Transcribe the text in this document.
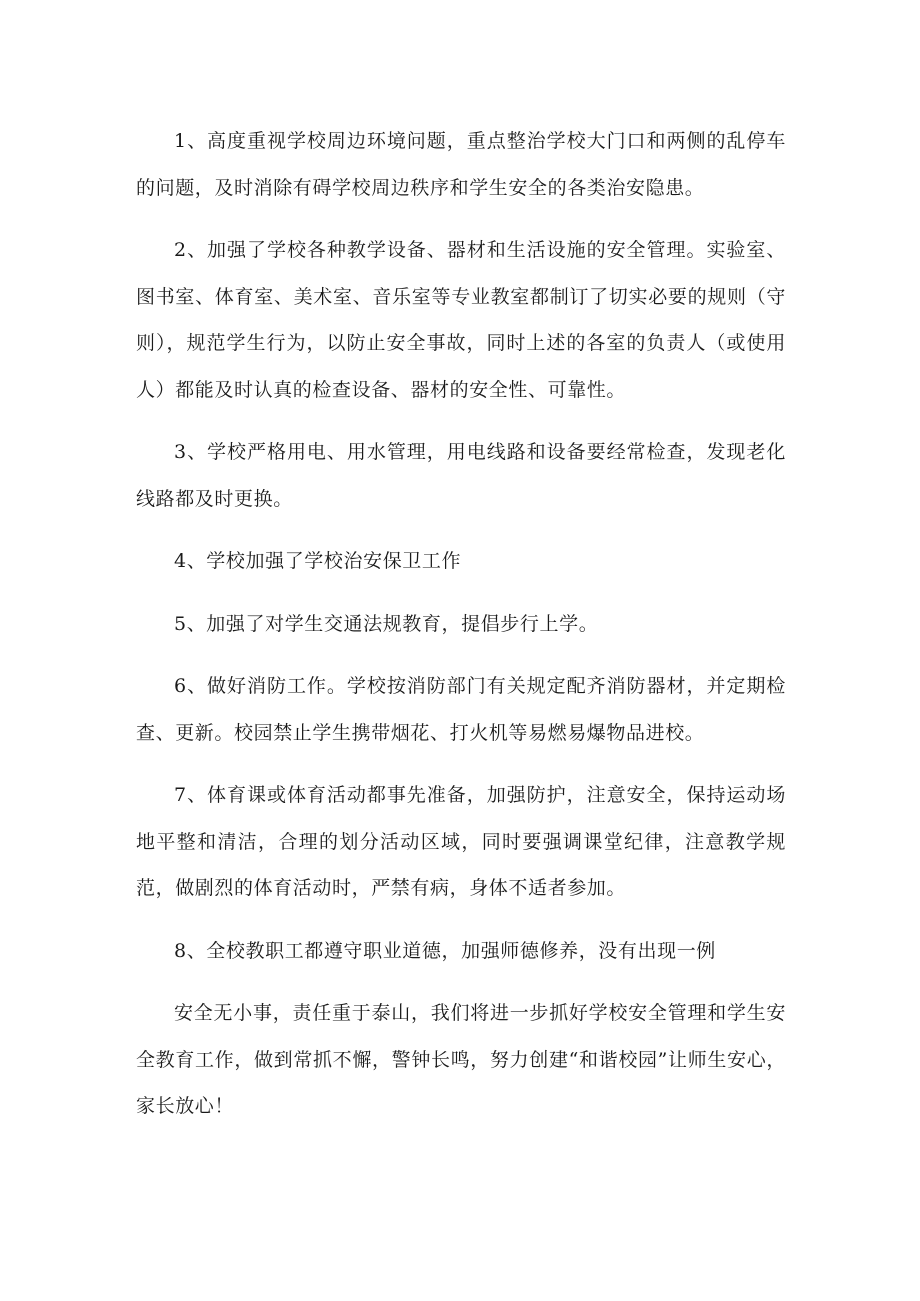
1、高度重视学校周边环境问题，重点整治学校大门口和两侧的乱停车的问题，及时消除有碍学校周边秩序和学生安全的各类治安隐患。

2、加强了学校各种教学设备、器材和生活设施的安全管理。实验室、图书室、体育室、美术室、音乐室等专业教室都制订了切实必要的规则（守则），规范学生行为，以防止安全事故，同时上述的各室的负责人（或使用人）都能及时认真的检查设备、器材的安全性、可靠性。

3、学校严格用电、用水管理，用电线路和设备要经常检查，发现老化线路都及时更换。

4、学校加强了学校治安保卫工作

5、加强了对学生交通法规教育，提倡步行上学。

6、做好消防工作。学校按消防部门有关规定配齐消防器材，并定期检查、更新。校园禁止学生携带烟花、打火机等易燃易爆物品进校。

7、体育课或体育活动都事先准备，加强防护，注意安全，保持运动场地平整和清洁，合理的划分活动区域，同时要强调课堂纪律，注意教学规范，做剧烈的体育活动时，严禁有病，身体不适者参加。

8、全校教职工都遵守职业道德，加强师德修养，没有出现一例

安全无小事，责任重于泰山，我们将进一步抓好学校安全管理和学生安全教育工作，做到常抓不懈，警钟长鸣，努力创建“和谐校园”让师生安心，家长放心！
